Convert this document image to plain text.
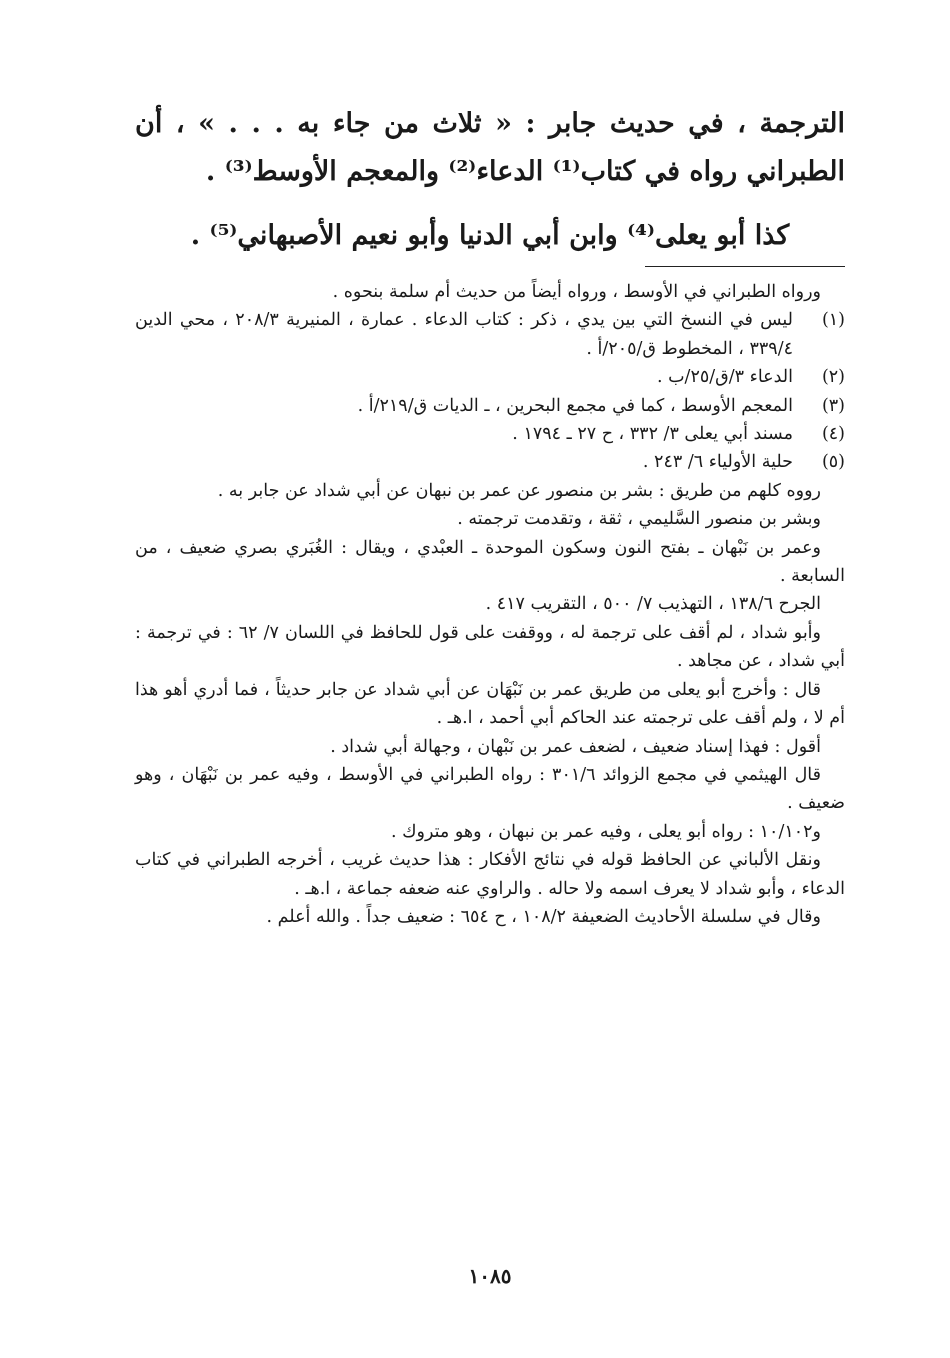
الترجمة ، في حديث جابر : « ثلاث من جاء به . . . » ، أن الطبراني رواه في كتاب⁽¹⁾ الدعاء⁽²⁾ والمعجم الأوسط⁽³⁾ .

كذا أبو يعلى⁽⁴⁾ وابن أبي الدنيا وأبو نعيم الأصبهاني⁽⁵⁾ .

ورواه الطبراني في الأوسط ، ورواه أيضاً من حديث أم سلمة بنحوه .

(١)
ليس في النسخ التي بين يدي ، ذكر : كتاب الدعاء . عمارة ، المنيرية ٢٠٨/٣ ، محي الدين ٣٣٩/٤ ، المخطوط ق/٢٠٥/أ .
(٢)
الدعاء ٣/ق/٢٥/ب .
(٣)
المعجم الأوسط ، كما في مجمع البحرين ، ـ الديات ق/٢١٩/أ .
(٤)
مسند أبي يعلى ٣/ ٣٣٢ ، ح ٢٧ ـ ١٧٩٤ .
(٥)
حلية الأولياء ٦/ ٢٤٣ .

رووه كلهم من طريق : بشر بن منصور عن عمر بن نبهان عن أبي شداد عن جابر به .

وبشر بن منصور السَّليمي ، ثقة ، وتقدمت ترجمته .

وعمر بن نَبْهان ـ بفتح النون وسكون الموحدة ـ العبْدي ، ويقال : الغُبَري بصري ضعيف ، من السابعة .

الجرح ١٣٨/٦ ، التهذيب ٧/ ٥٠٠ ، التقريب ٤١٧ .

وأبو شداد ، لم أقف على ترجمة له ، ووقفت على قول للحافظ في اللسان ٧/ ٦٢ : في ترجمة : أبي شداد ، عن مجاهد .

قال : وأخرج أبو يعلى من طريق عمر بن نَبْهَان عن أبي شداد عن جابر حديثاً ، فما أدري أهو هذا أم لا ، ولم أقف على ترجمته عند الحاكم أبي أحمد ، ا.هـ .

أقول : فهذا إسناد ضعيف ، لضعف عمر بن نَبْهان ، وجهالة أبي شداد .

قال الهيثمي في مجمع الزوائد ٣٠١/٦ : رواه الطبراني في الأوسط ، وفيه عمر بن نَبْهَان ، وهو ضعيف .

و١٠/١٠٢ : رواه أبو يعلى ، وفيه عمر بن نبهان ، وهو متروك .

ونقل الألباني عن الحافظ قوله في نتائج الأفكار : هذا حديث غريب ، أخرجه الطبراني في كتاب الدعاء ، وأبو شداد لا يعرف اسمه ولا حاله . والراوي عنه ضعفه جماعة ، ا.هـ .

وقال في سلسلة الأحاديث الضعيفة ١٠٨/٢ ، ح ٦٥٤ : ضعيف جداً . والله أعلم .

١٠٨٥
